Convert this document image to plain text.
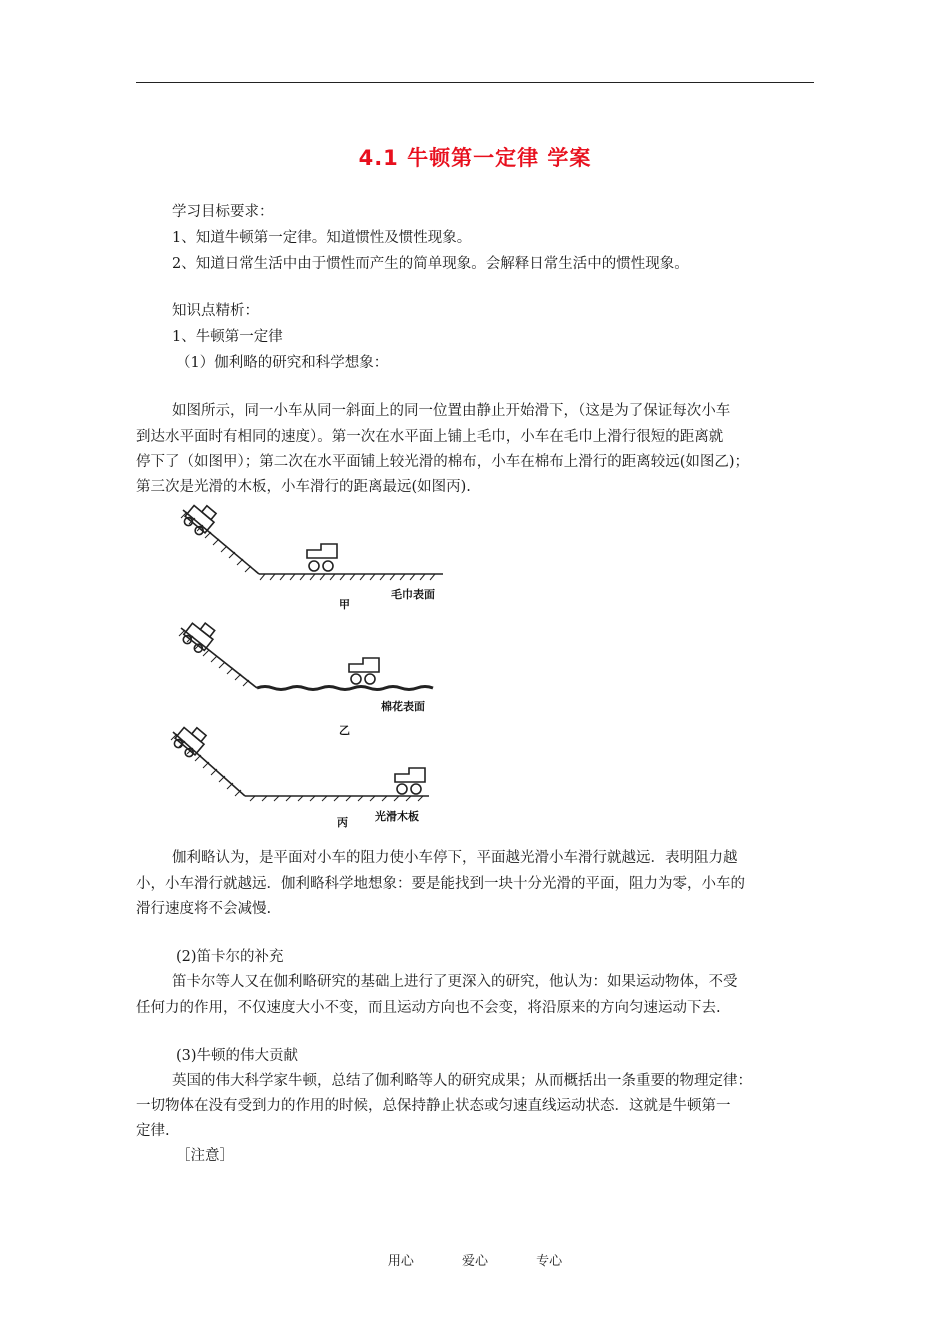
4.1 牛顿第一定律 学案
学习目标要求：
1、知道牛顿第一定律。知道惯性及惯性现象。
2、知道日常生活中由于惯性而产生的简单现象。会解释日常生活中的惯性现象。
知识点精析：
1、牛顿第一定律
（1）伽利略的研究和科学想象：
如图所示，同一小车从同一斜面上的同一位置由静止开始滑下，（这是为了保证每次小车
到达水平面时有相同的速度）。第一次在水平面上铺上毛巾，小车在毛巾上滑行很短的距离就
停下了（如图甲）；第二次在水平面铺上较光滑的棉布，小车在棉布上滑行的距离较远(如图乙)；
第三次是光滑的木板，小车滑行的距离最远(如图丙).
甲
毛巾表面
乙
棉花表面
丙 光滑木板
伽利略认为，是平面对小车的阻力使小车停下，平面越光滑小车滑行就越远．表明阻力越
小，小车滑行就越远．伽利略科学地想象：要是能找到一块十分光滑的平面，阻力为零，小车的
滑行速度将不会减慢.
(2)笛卡尔的补充
笛卡尔等人又在伽利略研究的基础上进行了更深入的研究，他认为：如果运动物体，不受
任何力的作用，不仅速度大小不变，而且运动方向也不会变，将沿原来的方向匀速运动下去.
(3)牛顿的伟大贡献
英国的伟大科学家牛顿，总结了伽利略等人的研究成果；从而概括出一条重要的物理定律：
一切物体在没有受到力的作用的时候，总保持静止状态或匀速直线运动状态．这就是牛顿第一
定律.
［注意］
用心	爱心	专心
